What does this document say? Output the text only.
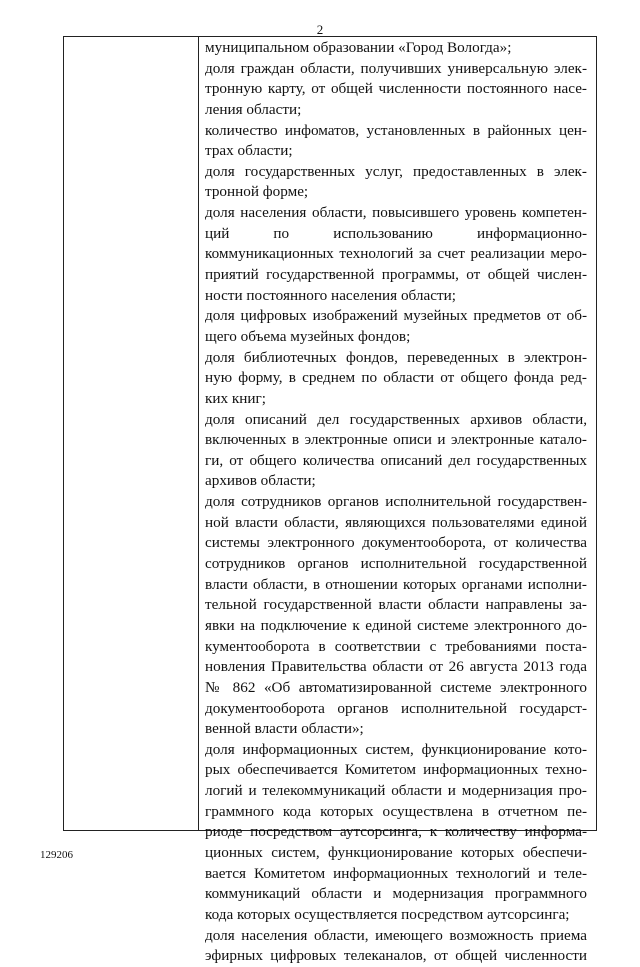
2
муниципальном образовании «Город Вологда»;
доля граждан области, получивших универсальную элек-
тронную карту, от общей численности постоянного насе-
ления области;
количество инфоматов, установленных в районных цен-
трах области;
доля государственных услуг, предоставленных в элек-
тронной форме;
доля населения области, повысившего уровень компетен-
ций по использованию информационно-
коммуникационных технологий за счет реализации меро-
приятий государственной программы, от общей числен-
ности постоянного населения области;
доля цифровых изображений музейных предметов от об-
щего объема музейных фондов;
доля библиотечных фондов, переведенных в электрон-
ную форму, в среднем по области от общего фонда ред-
ких книг;
доля описаний дел государственных архивов области,
включенных в электронные описи и электронные катало-
ги, от общего количества описаний дел государственных
архивов области;
доля сотрудников органов исполнительной государствен-
ной власти области, являющихся пользователями единой
системы электронного документооборота, от количества
сотрудников органов исполнительной государственной
власти области, в отношении которых органами исполни-
тельной государственной власти области направлены за-
явки на подключение к единой системе электронного до-
кументооборота в соответствии с требованиями поста-
новления Правительства области от 26 августа 2013 года
№ 862 «Об автоматизированной системе электронного
документооборота органов исполнительной государст-
венной власти области»;
доля информационных систем, функционирование кото-
рых обеспечивается Комитетом информационных техно-
логий и телекоммуникаций области и модернизация про-
граммного кода которых осуществлена в отчетном пе-
риоде посредством аутсорсинга, к количеству информа-
ционных систем, функционирование которых обеспечи-
вается Комитетом информационных технологий и теле-
коммуникаций области и модернизация программного
кода которых осуществляется посредством аутсорсинга;
доля населения области, имеющего возможность приема
эфирных цифровых телеканалов, от общей численности
129206
